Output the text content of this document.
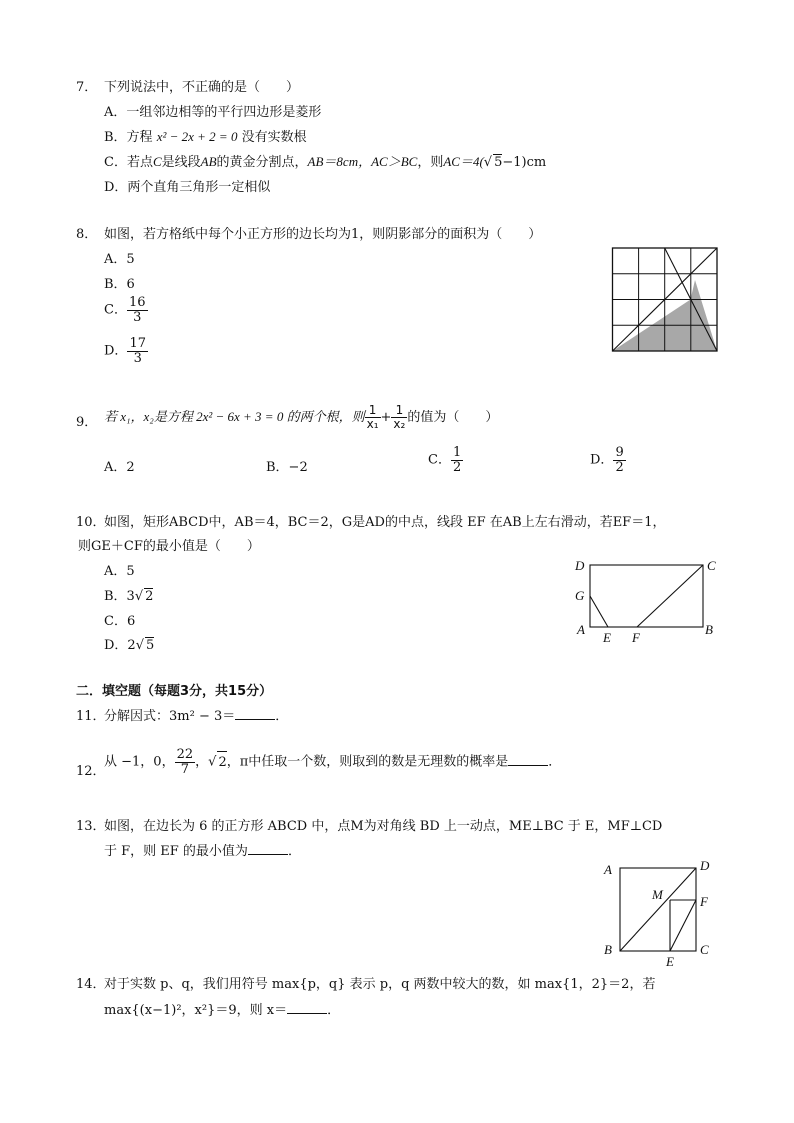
7． 下列说法中，不正确的是（　　）
A．一组邻边相等的平行四边形是菱形
B．方程 x² − 2x + 2 = 0 没有实数根
C．若点C是线段AB的黄金分割点，AB＝8cm，AC＞BC，则AC＝4(√ 5−1)cm
D．两个直角三角形一定相似
8． 如图，若方格纸中每个小正方形的边长均为1，则阴影部分的面积为（　　）
A．5
B．6
C． $\frac{16}{3}$
D． $\frac{17}{3}$
9． 若 x₁，x₂是方程 2x² − 6x + 3 = 0 的两个根，则 $\frac{1}{\text{x₁}} + \frac{1}{\text{x₂}}$ 的值为（　　）
A．2	B．−2	C． $\frac{1}{2}$	D． $\frac{9}{2}$
10．
如图，矩形ABCD中，AB＝4，BC＝2，G是AD的中点，线段 EF 在AB上左右滑动，若EF＝1，
则GE＋CF的最小值是（　　）
A．5
B．3√ 2
C．6
D．2√ 5
D	C
G
A
E F
B
二．填空题（每题3分，共15分）
11．
分解因式：3m² − 3＝	．
12．
从 −1，0， $\frac{22}{7}$ ，√ 2，π中任取一个数，则取到的数是无理数的概率是	．
13．
如图，在边长为 6 的正方形 ABCD 中，点M为对角线 BD 上一动点，ME⊥BC 于 E，MF⊥CD
于 F，则 EF 的最小值为	．
A	D
M	F
B
E
C
14．
对于实数 p、q，我们用符号 max{p，q} 表示 p，q 两数中较大的数，如 max{1，2}＝2，若
max{(x−1)²，x²}＝9，则 x＝	．
